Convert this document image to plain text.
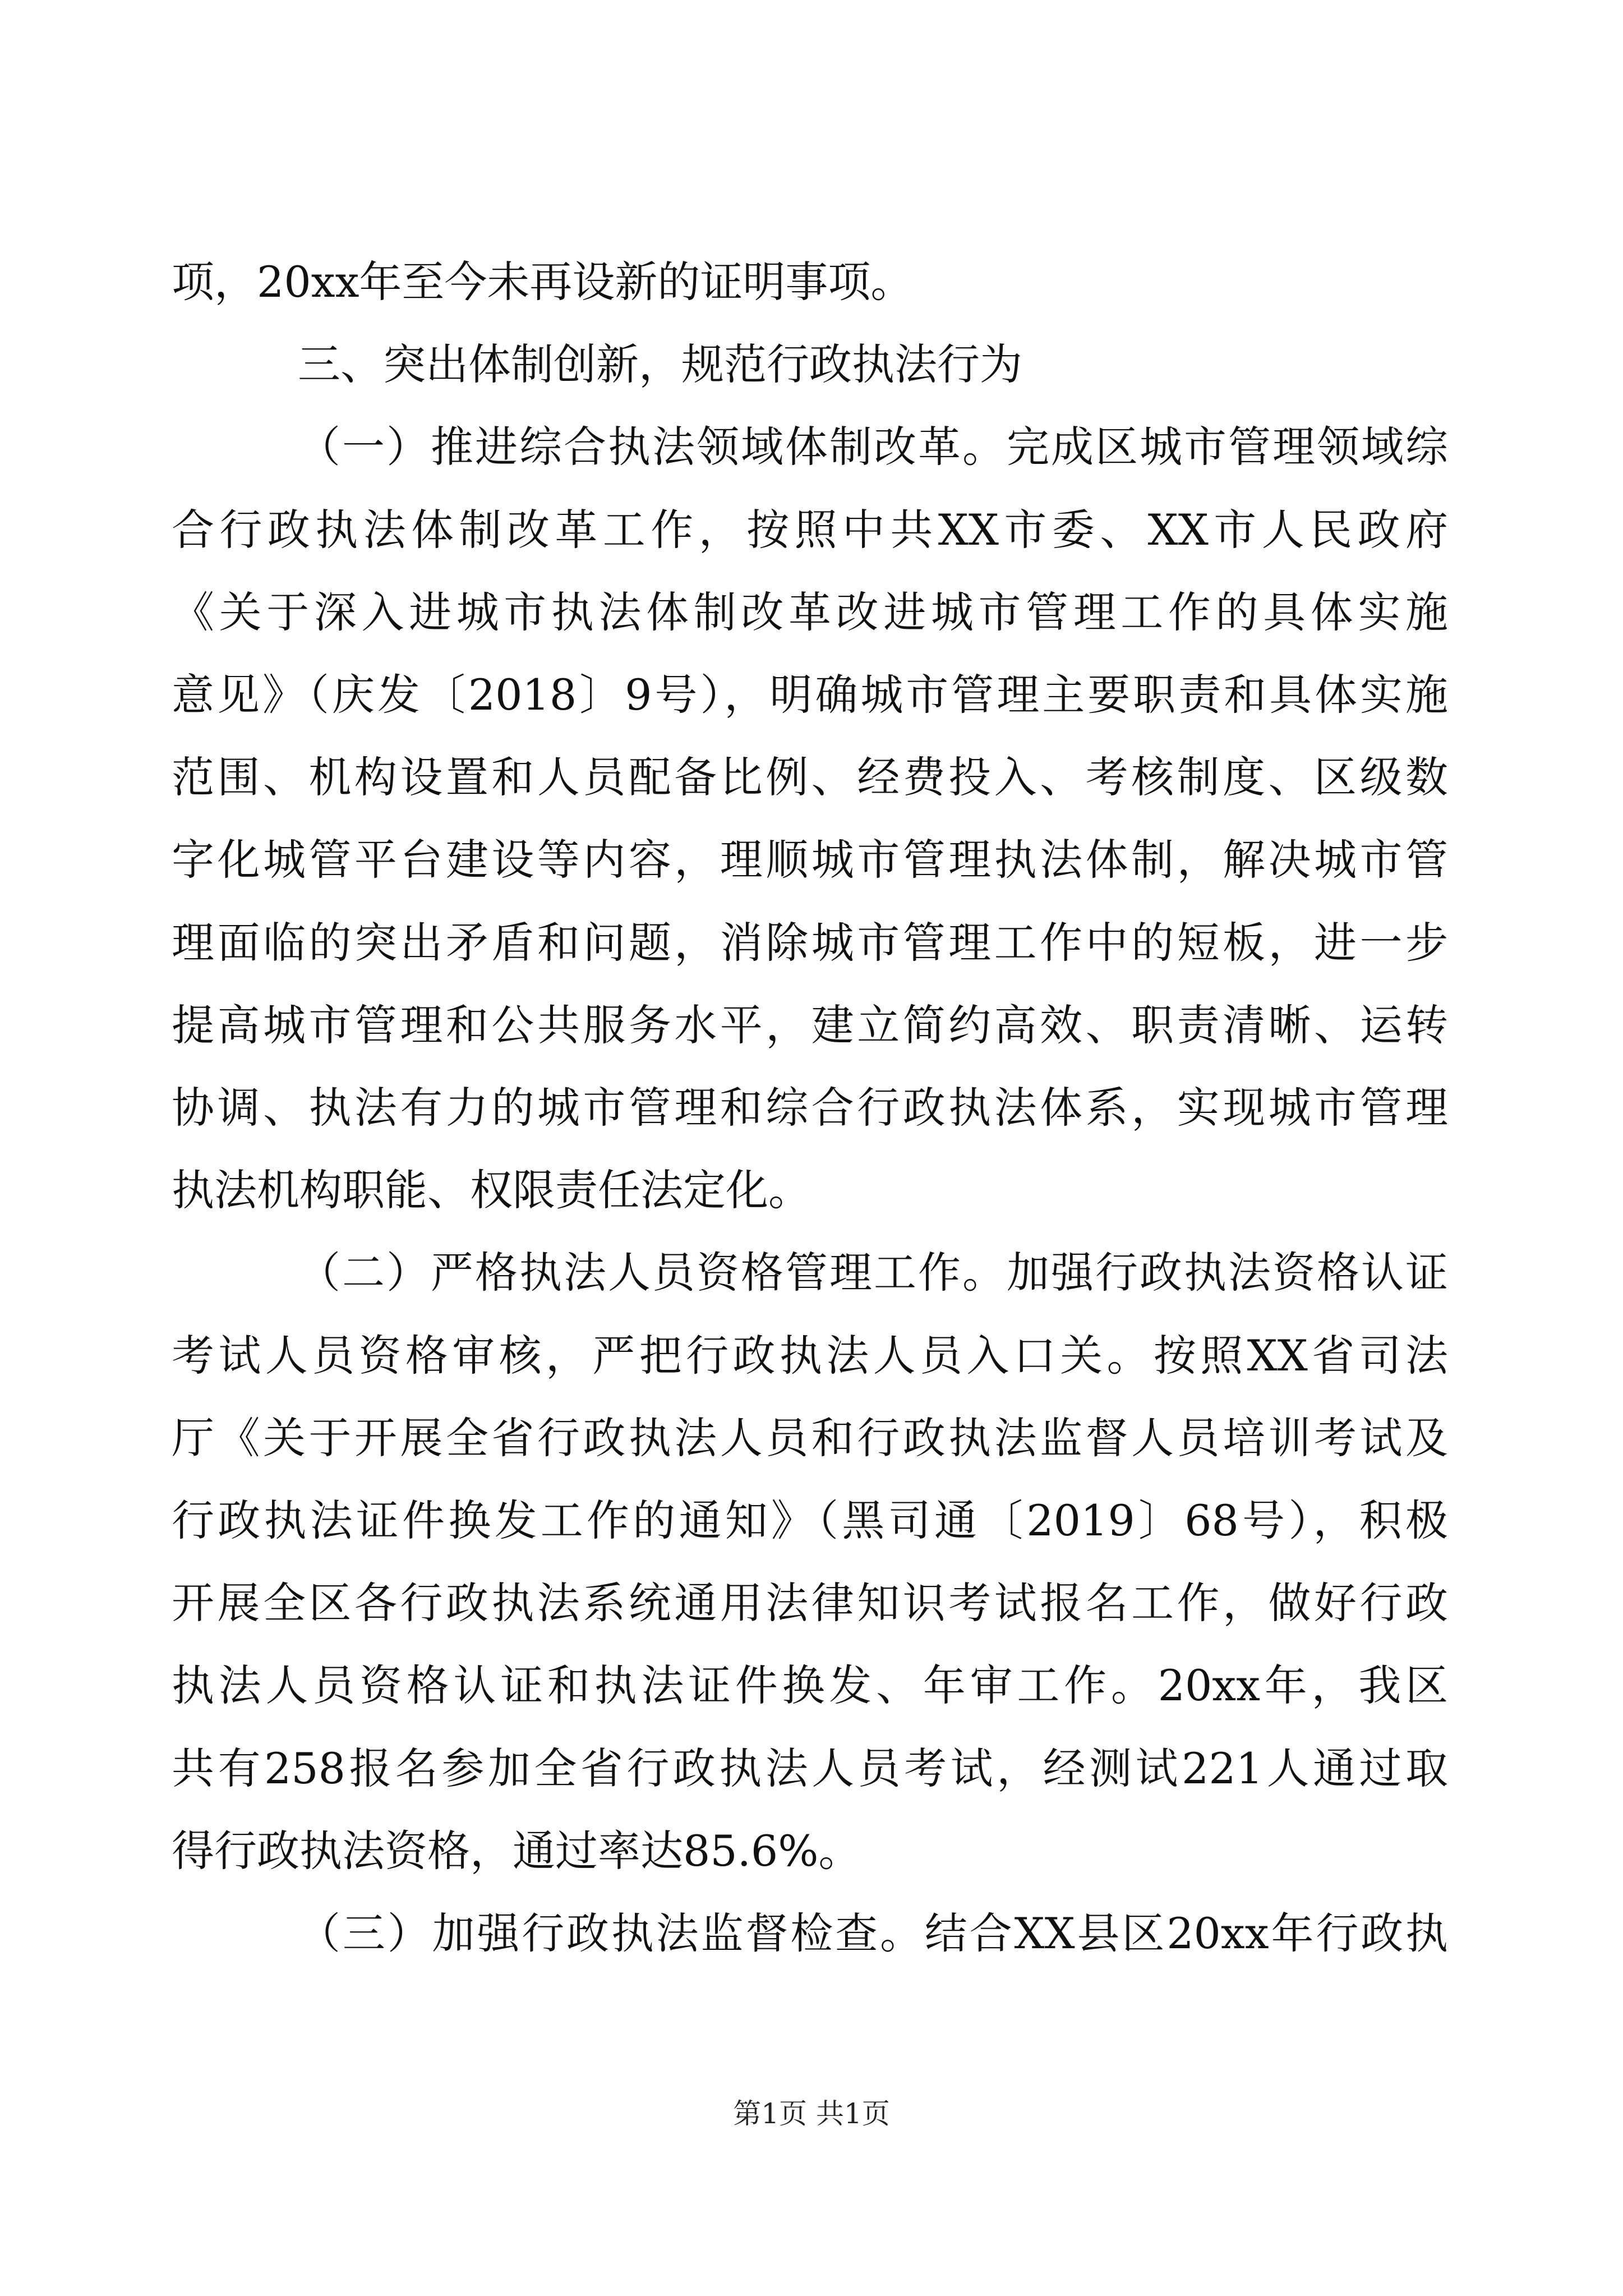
项，20xx年至今未再设新的证明事项。
三、突出体制创新，规范行政执法行为
（一）推进综合执法领域体制改革。完成区城市管理领域综
合行政执法体制改革工作，按照中共XX市委、XX市人民政府
《关于深入进城市执法体制改革改进城市管理工作的具体实施
意见》（庆发〔2018〕9号），明确城市管理主要职责和具体实施
范围、机构设置和人员配备比例、经费投入、考核制度、区级数
字化城管平台建设等内容，理顺城市管理执法体制，解决城市管
理面临的突出矛盾和问题，消除城市管理工作中的短板，进一步
提高城市管理和公共服务水平，建立简约高效、职责清晰、运转
协调、执法有力的城市管理和综合行政执法体系，实现城市管理
执法机构职能、权限责任法定化。
（二）严格执法人员资格管理工作。加强行政执法资格认证
考试人员资格审核，严把行政执法人员入口关。按照XX省司法
厅《关于开展全省行政执法人员和行政执法监督人员培训考试及
行政执法证件换发工作的通知》（黑司通〔2019〕68号），积极
开展全区各行政执法系统通用法律知识考试报名工作，做好行政
执法人员资格认证和执法证件换发、年审工作。20xx年，我区
共有258报名参加全省行政执法人员考试，经测试221人通过取
得行政执法资格，通过率达85.6%。
（三）加强行政执法监督检查。结合XX县区20xx年行政执
第1页 共1页
